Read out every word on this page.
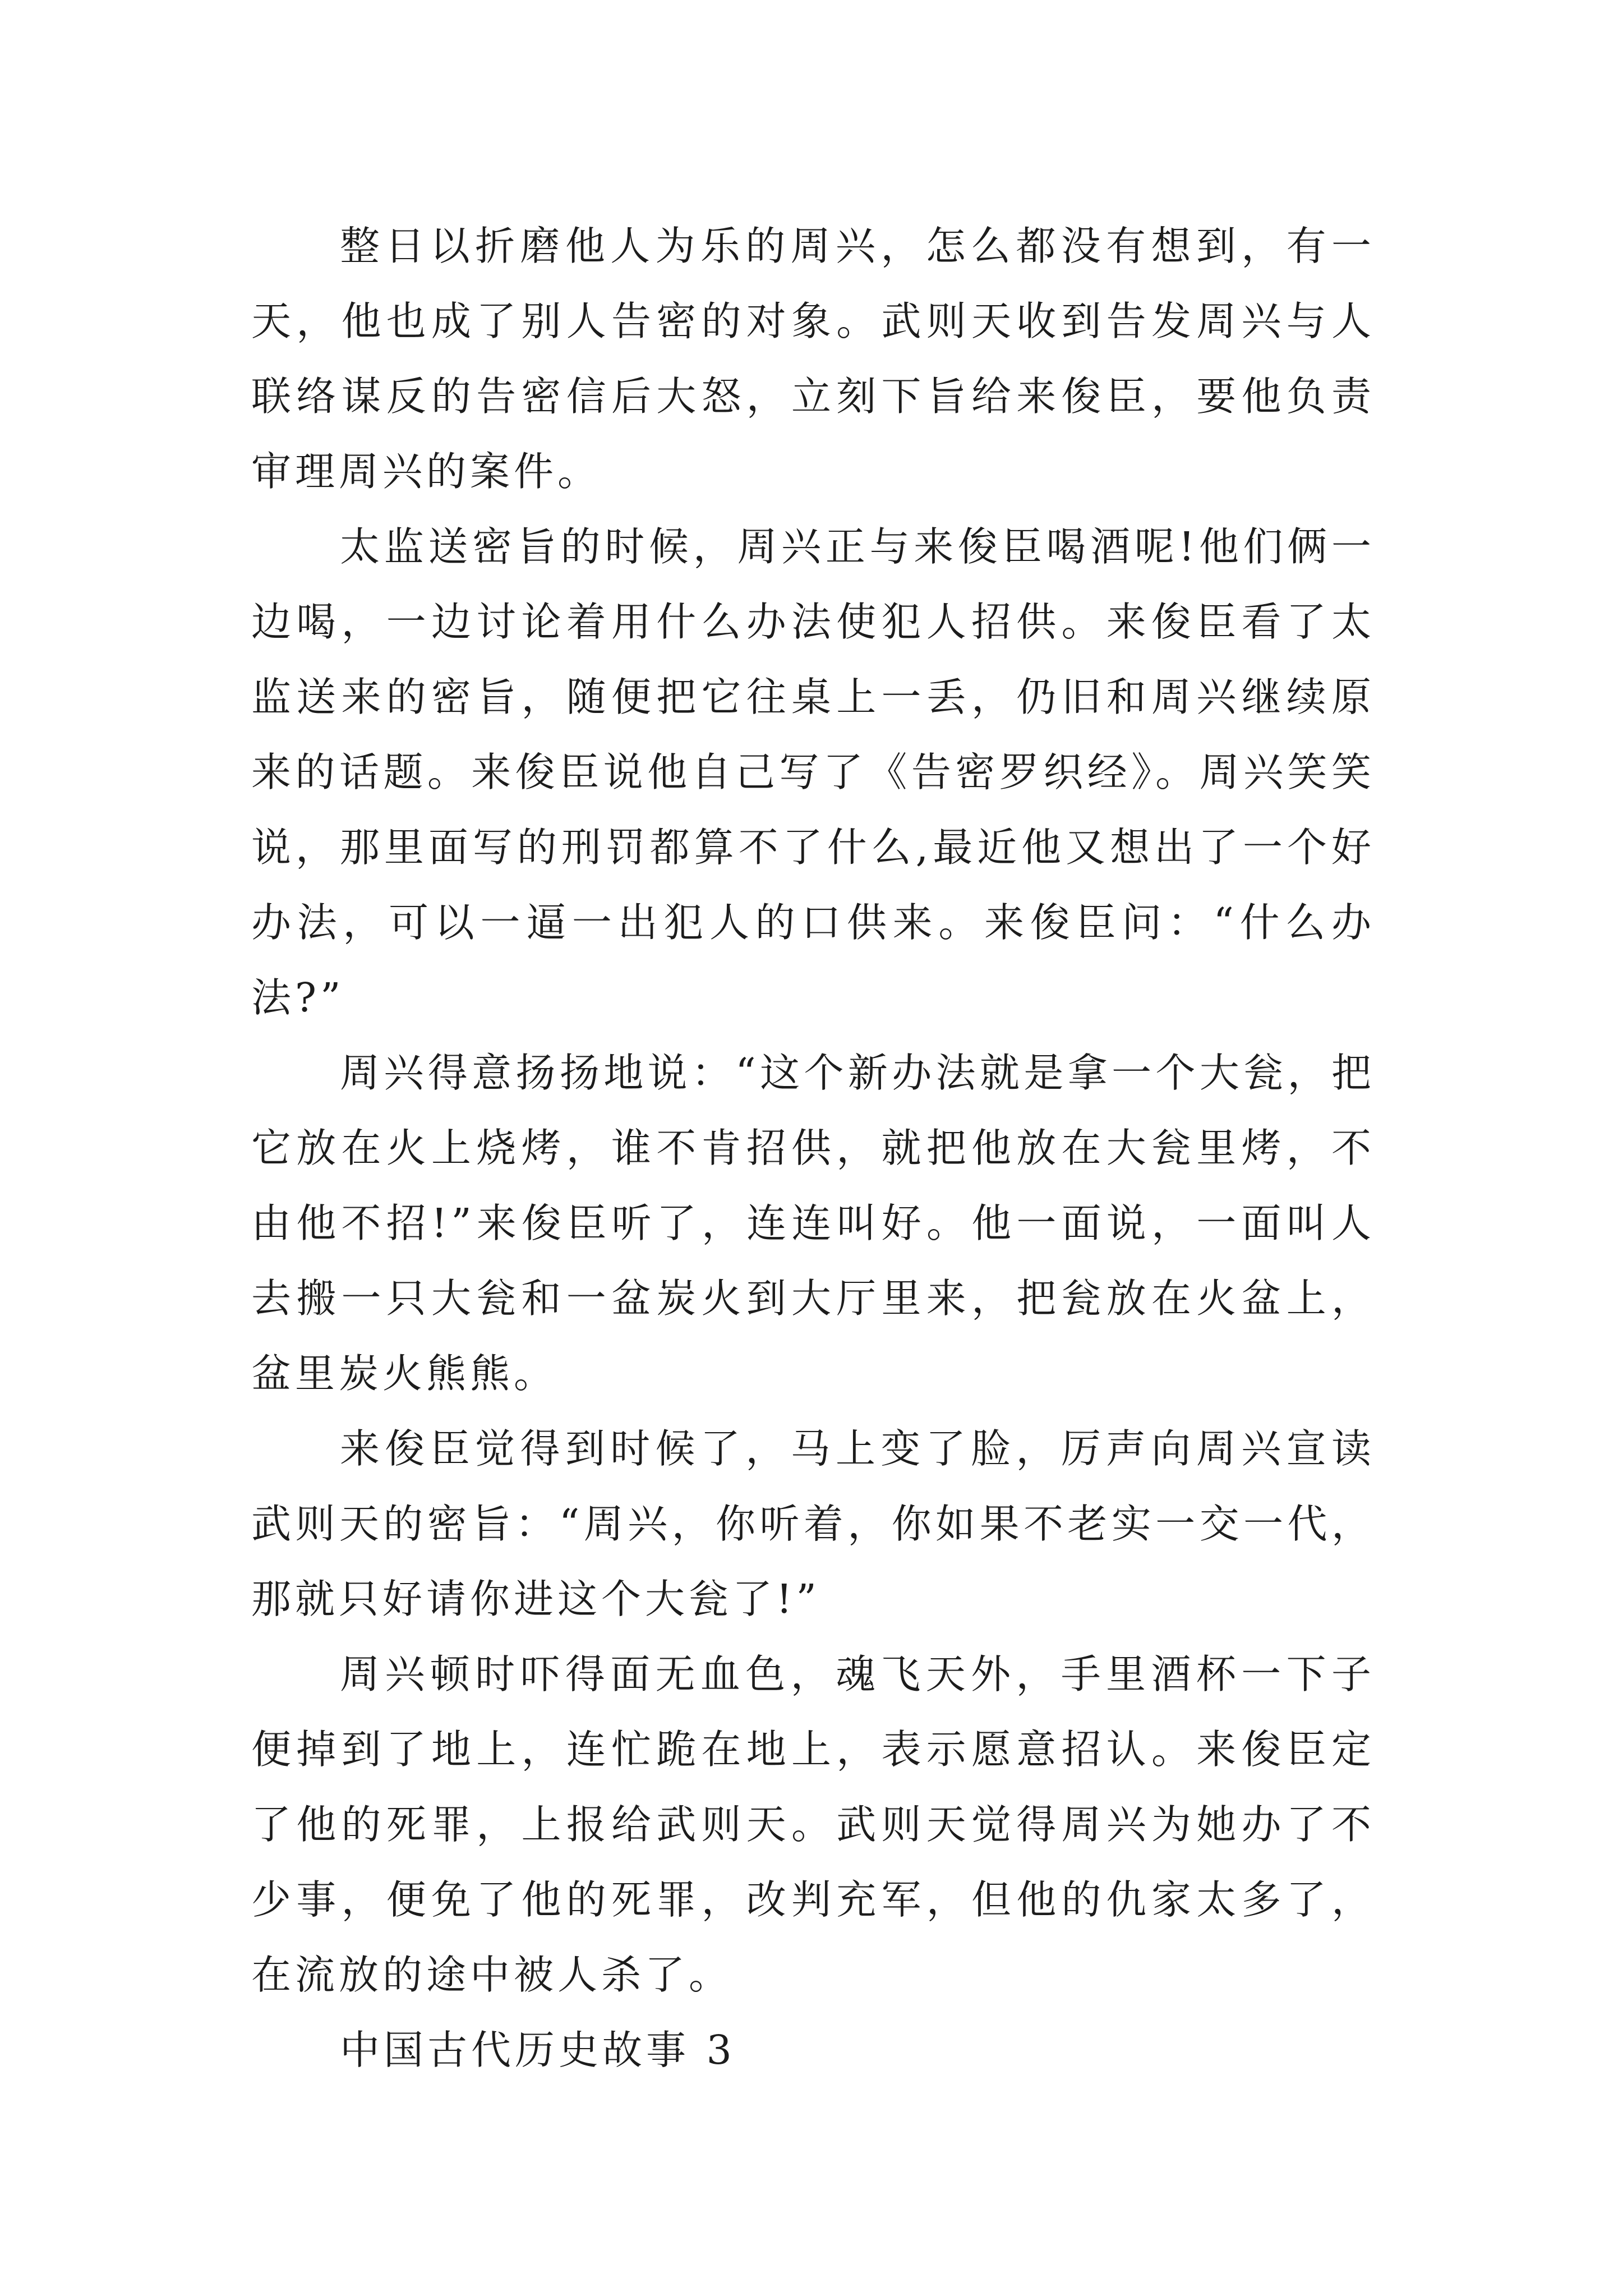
整日以折磨他人为乐的周兴，怎么都没有想到，有一天，他也成了别人告密的对象。武则天收到告发周兴与人联络谋反的告密信后大怒，立刻下旨给来俊臣，要他负责审理周兴的案件。

太监送密旨的时候，周兴正与来俊臣喝酒呢!他们俩一边喝，一边讨论着用什么办法使犯人招供。来俊臣看了太监送来的密旨，随便把它往桌上一丢，仍旧和周兴继续原来的话题。来俊臣说他自己写了《告密罗织经》。周兴笑笑说，那里面写的刑罚都算不了什么,最近他又想出了一个好办法，可以一逼一出犯人的口供来。来俊臣问：“什么办法?”

周兴得意扬扬地说：“这个新办法就是拿一个大瓮，把它放在火上烧烤，谁不肯招供，就把他放在大瓮里烤，不由他不招!”来俊臣听了，连连叫好。他一面说，一面叫人去搬一只大瓮和一盆炭火到大厅里来，把瓮放在火盆上，盆里炭火熊熊。

来俊臣觉得到时候了，马上变了脸，厉声向周兴宣读武则天的密旨：“周兴，你听着，你如果不老实一交一代，那就只好请你进这个大瓮了!”

周兴顿时吓得面无血色，魂飞天外，手里酒杯一下子便掉到了地上，连忙跪在地上，表示愿意招认。来俊臣定了他的死罪，上报给武则天。武则天觉得周兴为她办了不少事，便免了他的死罪，改判充军，但他的仇家太多了，在流放的途中被人杀了。

中国古代历史故事 3
